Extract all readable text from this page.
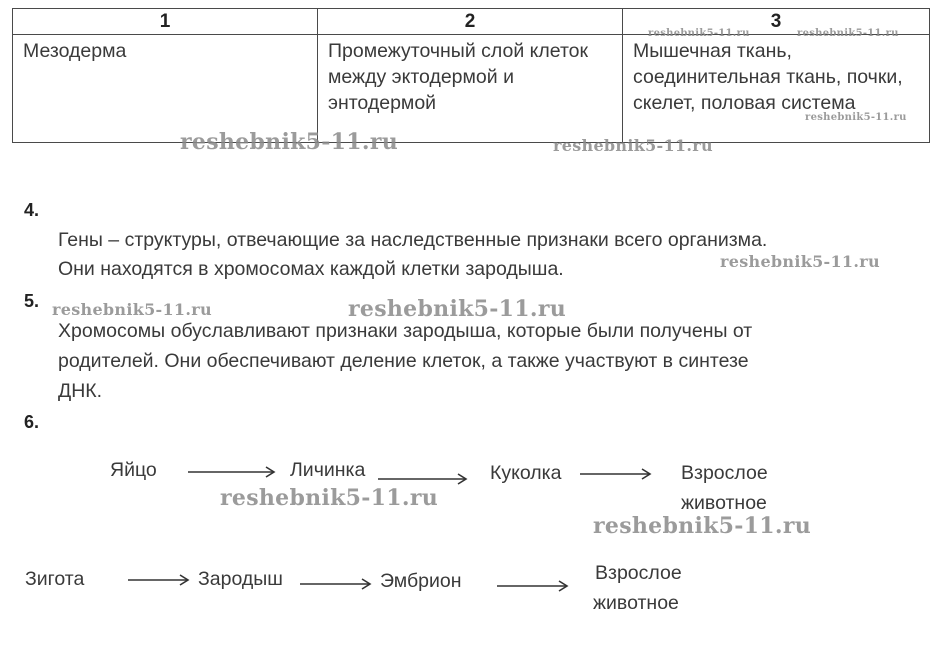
1	2	3
Мезодерма	Промежуточный слой клеток между эктодермой и энтодермой	Мышечная ткань, соединительная ткань, почки, скелет, половая система
4.
Гены – структуры, отвечающие за наследственные признаки всего организма.
Они находятся в хромосомах каждой клетки зародыша.
5.
Хромосомы обуславливают признаки зародыша, которые были получены от
родителей. Они обеспечивают деление клеток, а также участвуют в синтезе
ДНК.
6.
Яйцо	Личинка	Куколка	Взрослое
животное
Зигота	Зародыш	Эмбрион	Взрослое
животное
reshebnik5-11.ru	reshebnik5-11.ru
reshebnik5-11.ru
reshebnik5-11.ru	reshebnik5-11.ru
reshebnik5-11.ru
reshebnik5-11.ru	reshebnik5-11.ru
reshebnik5-11.ru
reshebnik5-11.ru
